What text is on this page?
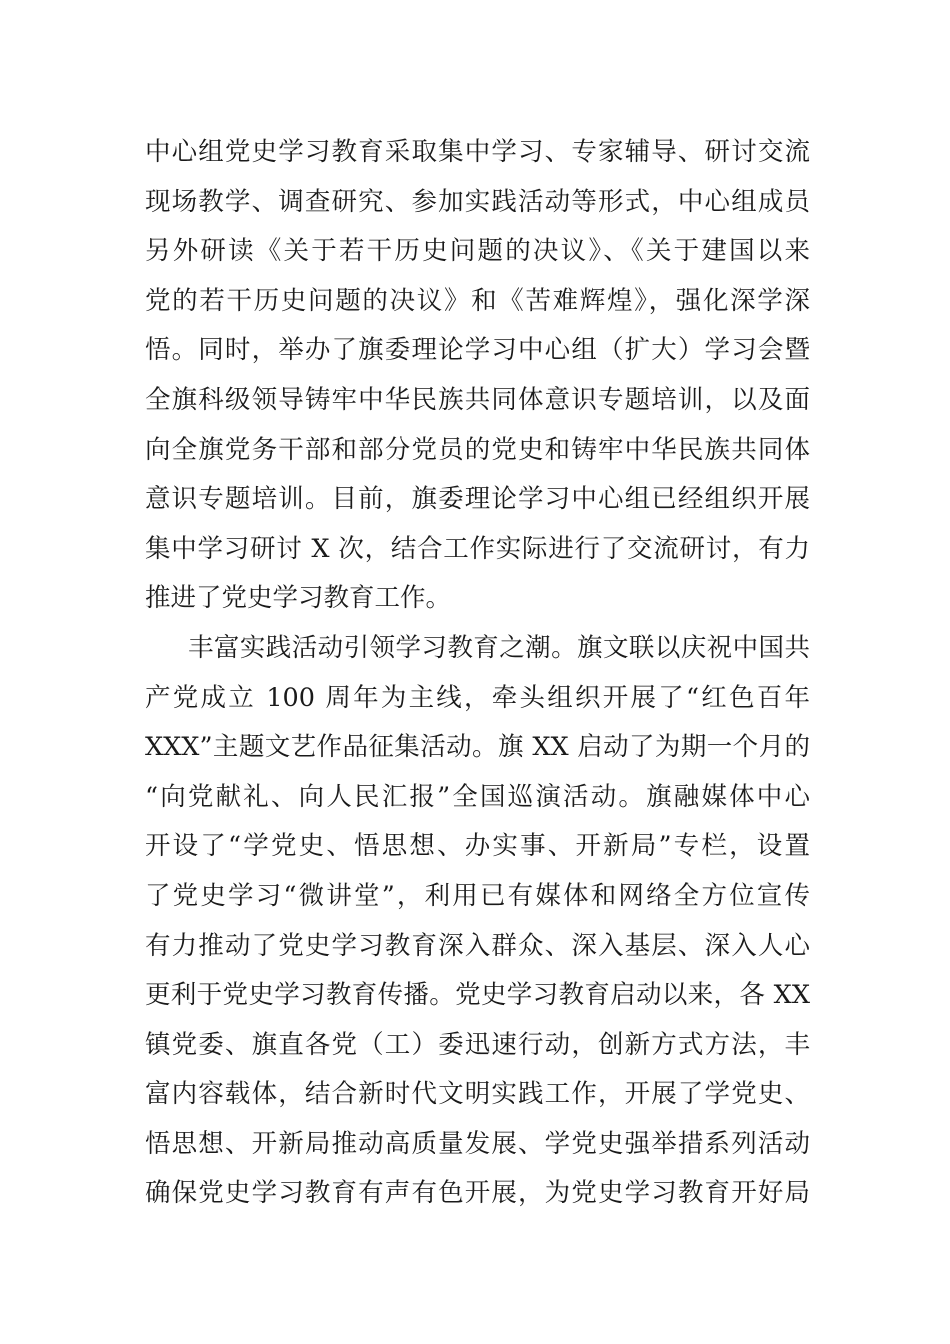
中心组党史学习教育采取集中学习、专家辅导、研讨交流
现场教学、调查研究、参加实践活动等形式，中心组成员
另外研读《关于若干历史问题的决议》、《关于建国以来
党的若干历史问题的决议》和《苦难辉煌》，强化深学深
悟。同时，举办了旗委理论学习中心组（扩大）学习会暨
全旗科级领导铸牢中华民族共同体意识专题培训，以及面
向全旗党务干部和部分党员的党史和铸牢中华民族共同体
意识专题培训。目前，旗委理论学习中心组已经组织开展
集中学习研讨 X 次，结合工作实际进行了交流研讨，有力
推进了党史学习教育工作。
丰富实践活动引领学习教育之潮。旗文联以庆祝中国共
产党成立 100 周年为主线，牵头组织开展了“红色百年
XXX”主题文艺作品征集活动。旗 XX 启动了为期一个月的
“向党献礼、向人民汇报”全国巡演活动。旗融媒体中心
开设了“学党史、悟思想、办实事、开新局”专栏，设置
了党史学习“微讲堂”，利用已有媒体和网络全方位宣传
有力推动了党史学习教育深入群众、深入基层、深入人心
更利于党史学习教育传播。党史学习教育启动以来，各 XX
镇党委、旗直各党（工）委迅速行动，创新方式方法，丰
富内容载体，结合新时代文明实践工作，开展了学党史、
悟思想、开新局推动高质量发展、学党史强举措系列活动
确保党史学习教育有声有色开展，为党史学习教育开好局
